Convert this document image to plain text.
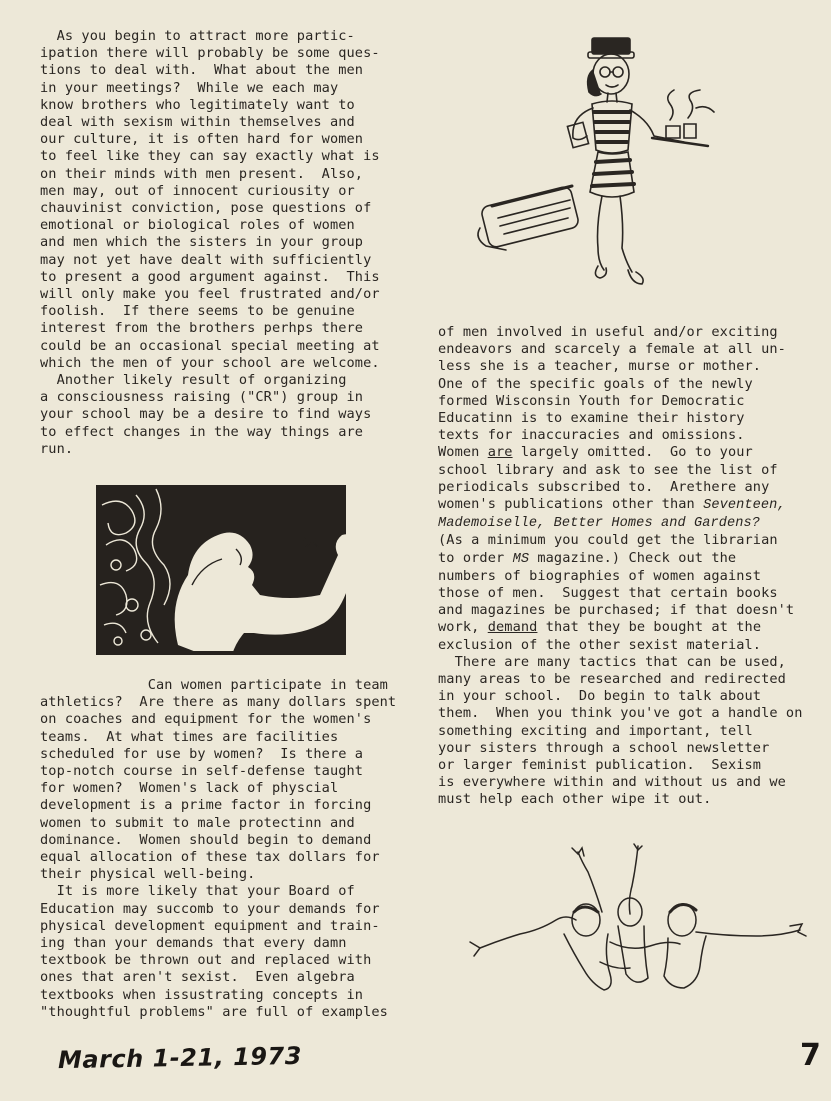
As you begin to attract more partic-

ipation there will probably be some ques-

tions to deal with.  What about the men

in your meetings?  While we each may

know brothers who legitimately want to

deal with sexism within themselves and

our culture, it is often hard for women

to feel like they can say exactly what is

on their minds with men present.  Also,

men may, out of innocent curiousity or

chauvinist conviction, pose questions of

emotional or biological roles of women

and men which the sisters in your group

may not yet have dealt with sufficiently

to present a good argument against.  This

will only make you feel frustrated and/or

foolish.  If there seems to be genuine

interest from the brothers perhps there

could be an occasional special meeting at

which the men of your school are welcome.

Another likely result of organizing

a consciousness raising ("CR") group in

your school may be a desire to find ways

to effect changes in the way things are

run.

Can women participate in team

athletics?  Are there as many dollars spent

on coaches and equipment for the women's

teams.  At what times are facilities

scheduled for use by women?  Is there a

top-notch course in self-defense taught

for women?  Women's lack of physcial

development is a prime factor in forcing

women to submit to male protectinn and

dominance.  Women should begin to demand

equal allocation of these tax dollars for

their physical well-being.

It is more likely that your Board of

Education may succomb to your demands for

physical development equipment and train-

ing than your demands that every damn

textbook be thrown out and replaced with

ones that aren't sexist.  Even algebra

textbooks when issustrating concepts in

"thoughtful problems" are full of examples

of men involved in useful and/or exciting

endeavors and scarcely a female at all un-

less she is a teacher, murse or mother.

One of the specific goals of the newly

formed Wisconsin Youth for Democratic

Educatinn is to examine their history

texts for inaccuracies and omissions.

Women are largely omitted.  Go to your

school library and ask to see the list of

periodicals subscribed to.  Arethere any

women's publications other than Seventeen,

Mademoiselle, Better Homes and Gardens?

(As a minimum you could get the librarian

to order MS magazine.) Check out the

numbers of biographies of women against

those of men.  Suggest that certain books

and magazines be purchased; if that doesn't

work, demand that they be bought at the

exclusion of the other sexist material.

There are many tactics that can be used,

many areas to be researched and redirected

in your school.  Do begin to talk about

them.  When you think you've got a handle on

something exciting and important, tell

your sisters through a school newsletter

or larger feminist publication.  Sexism

is everywhere within and without us and we

must help each other wipe it out.

March 1-21, 1973	7
